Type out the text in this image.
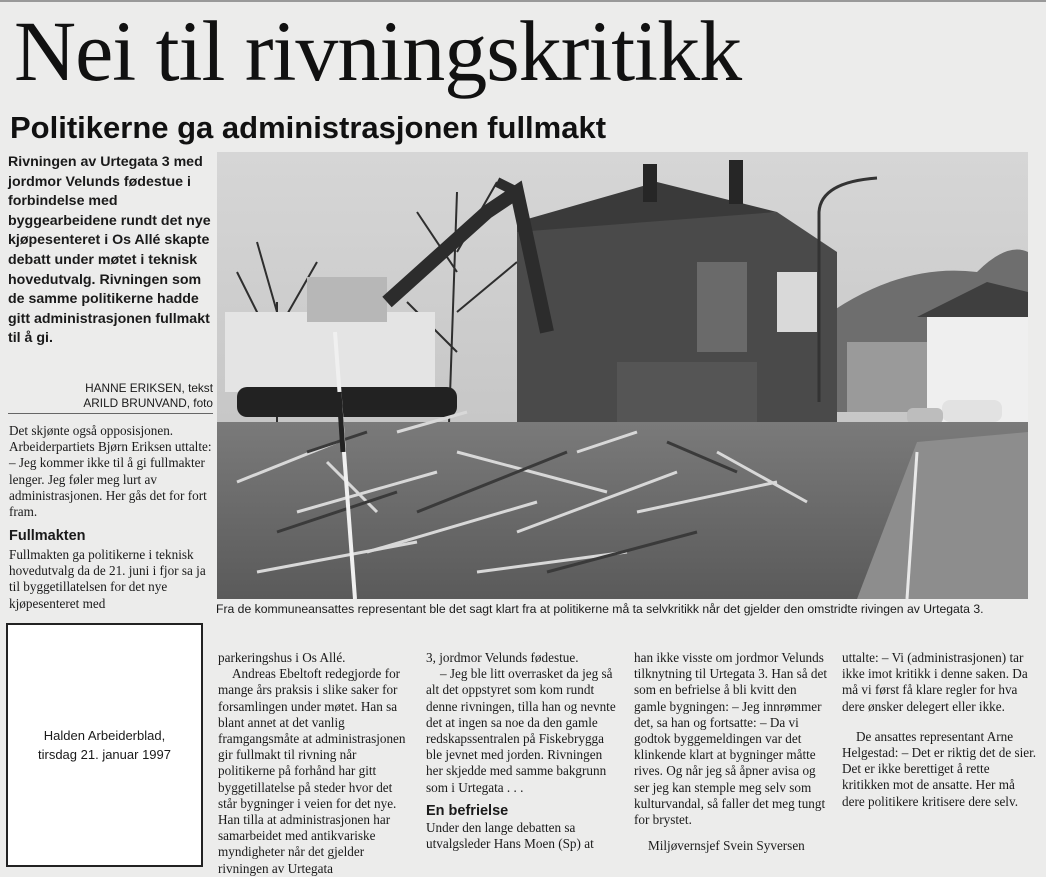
Nei til rivningskritikk
Politikerne ga administrasjonen fullmakt

Rivningen av Urtegata 3 med jordmor Velunds fødestue i forbindelse med byggearbeidene rundt det nye kjøpesenteret i Os Allé skapte debatt under møtet i teknisk hovedutvalg. Rivningen som de samme politikerne hadde gitt administrasjonen fullmakt til å gi.

HANNE ERIKSEN, tekst
ARILD BRUNVAND, foto

Det skjønte også opposisjonen. Arbeiderpartiets Bjørn Eriksen uttalte: – Jeg kommer ikke til å gi fullmakter lenger. Jeg føler meg lurt av administrasjonen. Her gås det for fort fram.

Fullmakten

Fullmakten ga politikerne i teknisk hovedutvalg da de 21. juni i fjor sa ja til byggetillatelsen for det nye kjøpesenteret med	Fra de kommuneansattes representant ble det sagt klart fra at politikerne må ta selvkritikk når det gjelder den omstridte rivingen av Urtegata 3.

Halden Arbeiderblad,
tirsdag 21. januar 1997

parkeringshus i Os Allé.

Andreas Ebeltoft redegjorde for mange års praksis i slike saker for forsamlingen under møtet. Han sa blant annet at det vanlig framgangsmåte at administrasjonen gir fullmakt til rivning når politikerne på forhånd har gitt byggetillatelse på steder hvor det står bygninger i veien for det nye. Han tilla at administrasjonen har samarbeidet med antikvariske myndigheter når det gjelder rivningen av Urtegata

3, jordmor Velunds fødestue.

– Jeg ble litt overrasket da jeg så alt det oppstyret som kom rundt denne rivningen, tilla han og nevnte det at ingen sa noe da den gamle redskapssentralen på Fiskebrygga ble jevnet med jorden. Rivningen her skjedde med samme bakgrunn som i Urtegata . . .

En befrielse

Under den lange debatten sa utvalgsleder Hans Moen (Sp) at

han ikke visste om jordmor Velunds tilknytning til Urtegata 3. Han så det som en befrielse å bli kvitt den gamle bygningen: – Jeg innrømmer det, sa han og fortsatte: – Da vi godtok byggemeldingen var det klinkende klart at bygninger måtte rives. Og når jeg så åpner avisa og ser jeg kan stemple meg selv som kulturvandal, så faller det meg tungt for brystet.

Miljøvernsjef Svein Syversen

uttalte: – Vi (administrasjonen) tar ikke imot kritikk i denne saken. Da må vi først få klare regler for hva dere ønsker delegert eller ikke.

De ansattes representant Arne Helgestad: – Det er riktig det de sier. Det er ikke berettiget å rette kritikken mot de ansatte. Her må dere politikere kritisere dere selv.
